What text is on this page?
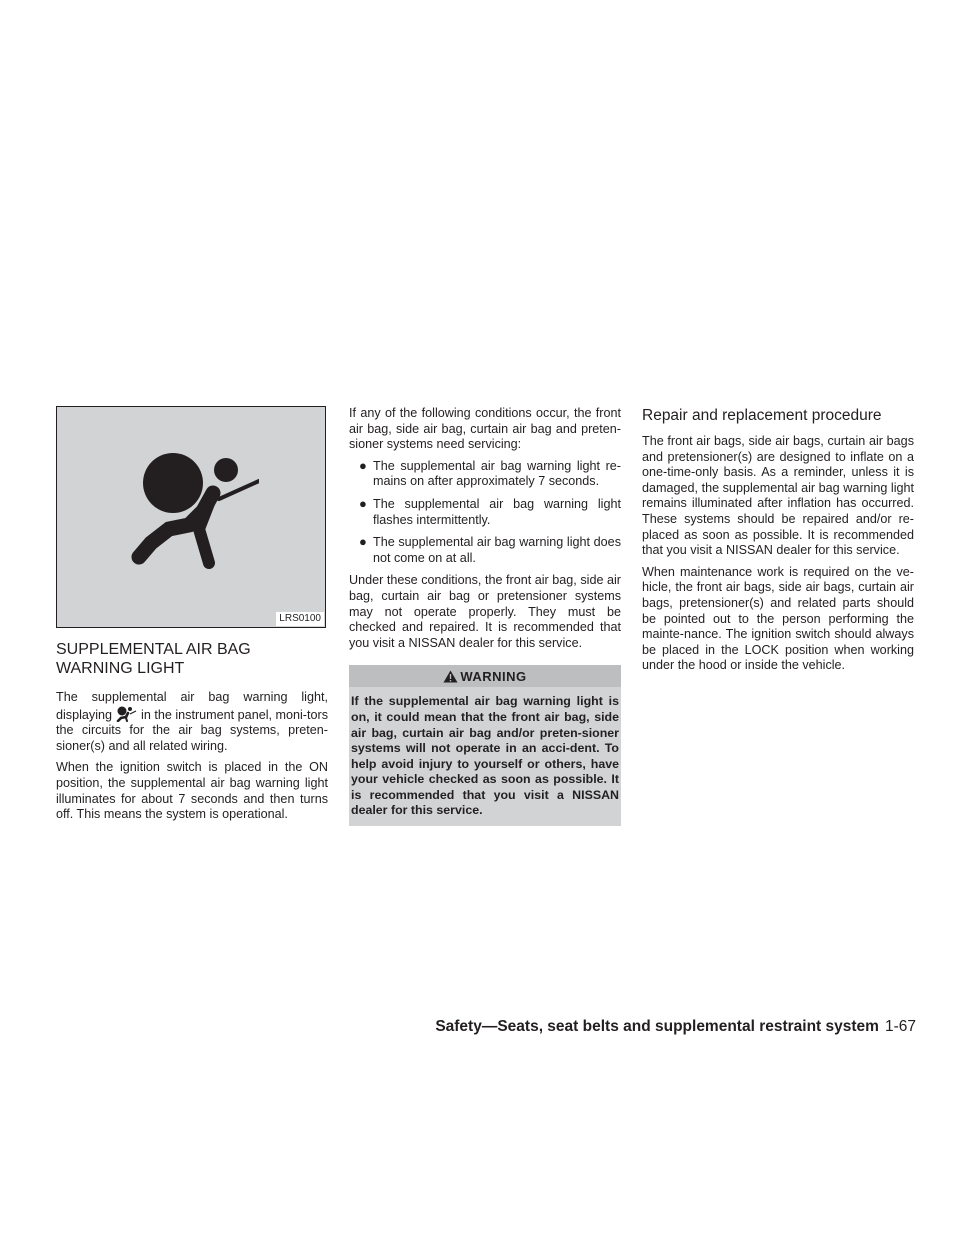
LRS0100
SUPPLEMENTAL AIR BAG
WARNING LIGHT

The supplemental air bag warning light, displaying  in the instrument panel, moni-tors the circuits for the air bag systems, preten-sioner(s) and all related wiring.

When the ignition switch is placed in the ON position, the supplemental air bag warning light illuminates for about 7 seconds and then turns off. This means the system is operational.

If any of the following conditions occur, the front air bag, side air bag, curtain air bag and preten-sioner systems need servicing:

● The supplemental air bag warning light re-mains on after approximately 7 seconds.
● The supplemental air bag warning light flashes intermittently.
● The supplemental air bag warning light does not come on at all.

Under these conditions, the front air bag, side air bag, curtain air bag or pretensioner systems may not operate properly. They must be checked and repaired. It is recommended that you visit a NISSAN dealer for this service.

WARNING
If the supplemental air bag warning light is on, it could mean that the front air bag, side air bag, curtain air bag and/or preten-sioner systems will not operate in an acci-dent. To help avoid injury to yourself or others, have your vehicle checked as soon as possible. It is recommended that you visit a NISSAN dealer for this service.
Repair and replacement procedure

The front air bags, side air bags, curtain air bags and pretensioner(s) are designed to inflate on a one-time-only basis. As a reminder, unless it is damaged, the supplemental air bag warning light remains illuminated after inflation has occurred. These systems should be repaired and/or re-placed as soon as possible. It is recommended that you visit a NISSAN dealer for this service.

When maintenance work is required on the ve-hicle, the front air bags, side air bags, curtain air bags, pretensioner(s) and related parts should be pointed out to the person performing the mainte-nance. The ignition switch should always be placed in the LOCK position when working under the hood or inside the vehicle.

Safety—Seats, seat belts and supplemental restraint system 1-67
